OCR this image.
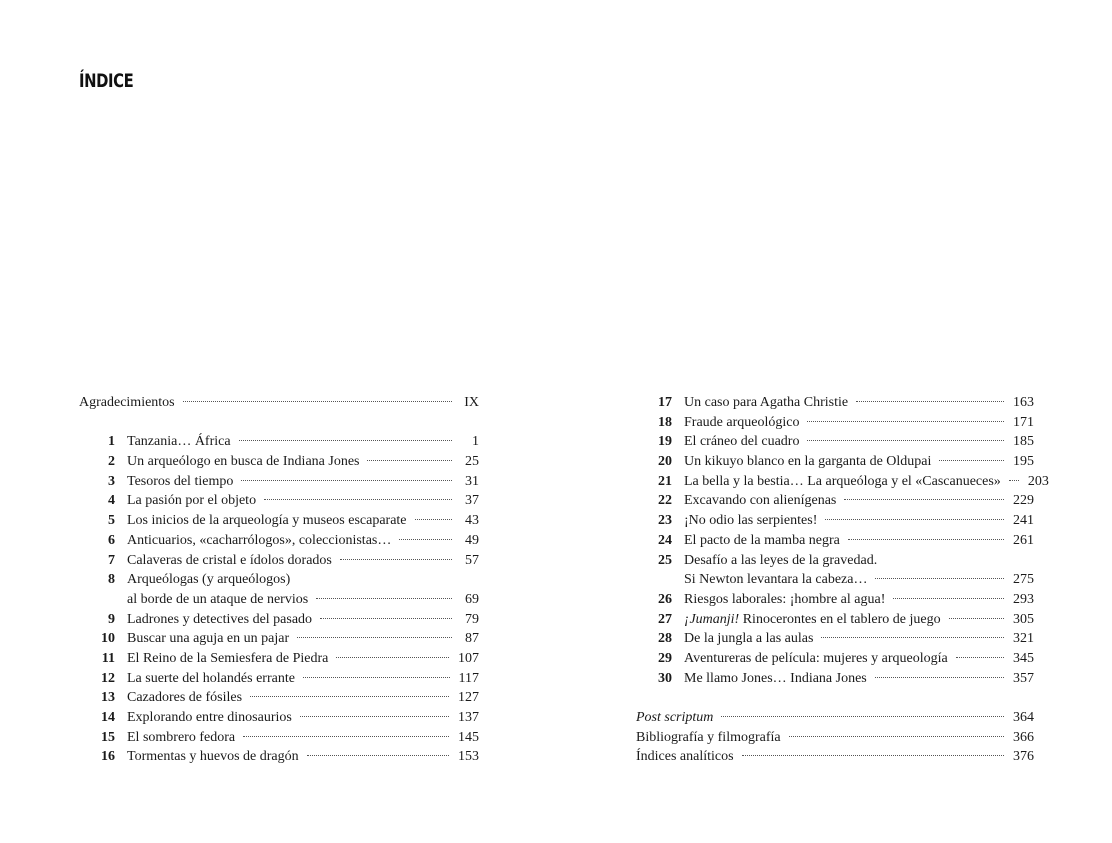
ÍNDICE
Agradecimientos	IX
1 Tanzania… África	1
2 Un arqueólogo en busca de Indiana Jones	25
3 Tesoros del tiempo	31
4 La pasión por el objeto	37
5 Los inicios de la arqueología y museos escaparate	43
6 Anticuarios, «cacharrólogos», coleccionistas…	49
7 Calaveras de cristal e ídolos dorados	57
8 Arqueólogas (y arqueólogos)
al borde de un ataque de nervios	69
9 Ladrones y detectives del pasado	79
10 Buscar una aguja en un pajar	87
11 El Reino de la Semiesfera de Piedra	107
12 La suerte del holandés errante	117
13 Cazadores de fósiles	127
14 Explorando entre dinosaurios	137
15 El sombrero fedora	145
16 Tormentas y huevos de dragón	153
17 Un caso para Agatha Christie	163
18 Fraude arqueológico	171
19 El cráneo del cuadro	185
20 Un kikuyo blanco en la garganta de Oldupai	195
21 La bella y la bestia… La arqueóloga y el «Cascanueces» 203
22 Excavando con alienígenas	229
23 ¡No odio las serpientes!	241
24 El pacto de la mamba negra	261
25 Desafío a las leyes de la gravedad.
Si Newton levantara la cabeza…	275
26 Riesgos laborales: ¡hombre al agua!	293
27 ¡Jumanji! Rinocerontes en el tablero de juego	305
28 De la jungla a las aulas	321
29 Aventureras de película: mujeres y arqueología	345
30 Me llamo Jones… Indiana Jones	357
Post scriptum	364
Bibliografía y filmografía	366
Índices analíticos	376
